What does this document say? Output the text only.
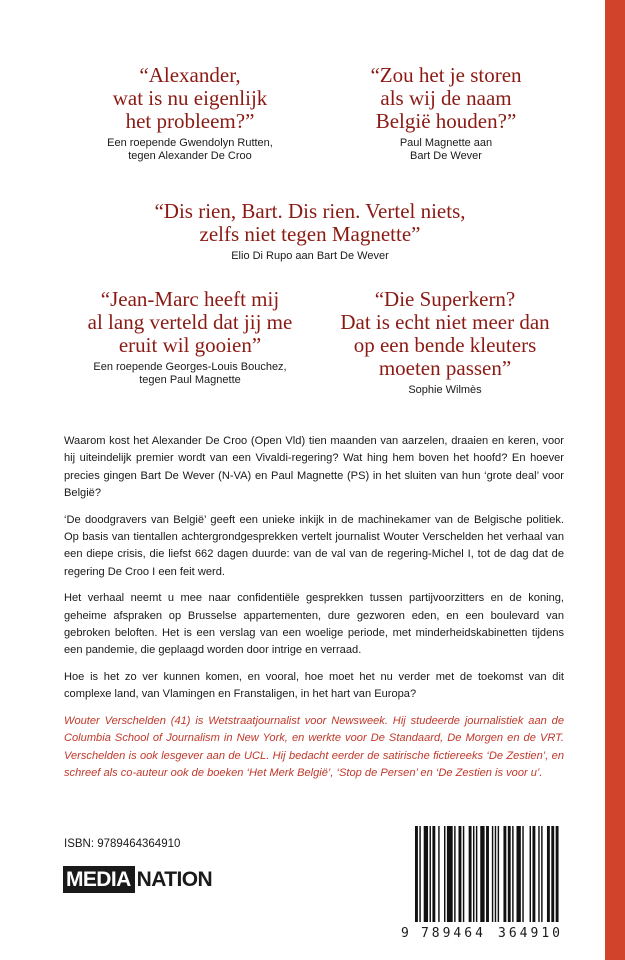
“Alexander,
wat is nu eigenlijk
het probleem?”
Een roepende Gwendolyn Rutten,
tegen Alexander De Croo
“Zou het je storen
als wij de naam
België houden?”
Paul Magnette aan
Bart De Wever
“Dis rien, Bart. Dis rien. Vertel niets,
zelfs niet tegen Magnette”
Elio Di Rupo aan Bart De Wever
“Jean-Marc heeft mij
al lang verteld dat jij me
eruit wil gooien”
Een roepende Georges-Louis Bouchez,
tegen Paul Magnette
“Die Superkern?
Dat is echt niet meer dan
op een bende kleuters
moeten passen”
Sophie Wilmès

Waarom kost het Alexander De Croo (Open Vld) tien maanden van aarzelen, draaien en keren, voor hij uiteindelijk premier wordt van een Vivaldi-regering? Wat hing hem boven het hoofd? En hoever precies gingen Bart De Wever (N-VA) en Paul Magnette (PS) in het sluiten van hun ‘grote deal’ voor België?

‘De doodgravers van België’ geeft een unieke inkijk in de machinekamer van de Belgische politiek. Op basis van tientallen achtergrondgesprekken vertelt journalist Wouter Verschelden het verhaal van een diepe crisis, die liefst 662 dagen duurde: van de val van de regering-Michel I, tot de dag dat de regering De Croo I een feit werd.

Het verhaal neemt u mee naar confidentiële gesprekken tussen partijvoorzitters en de koning, geheime afspraken op Brusselse appartementen, dure gezworen eden, en een boulevard van gebroken beloften. Het is een verslag van een woelige periode, met minderheidskabinetten tijdens een pandemie, die geplaagd worden door intrige en verraad.

Hoe is het zo ver kunnen komen, en vooral, hoe moet het nu verder met de toekomst van dit complexe land, van Vlamingen en Franstaligen, in het hart van Europa?

Wouter Verschelden (41) is Wetstraatjournalist voor Newsweek. Hij studeerde journalistiek aan de Columbia School of Journalism in New York, en werkte voor De Standaard, De Morgen en de VRT. Verschelden is ook lesgever aan de UCL. Hij bedacht eerder de satirische fictiereeks ‘De Zestien’, en schreef als co-auteur ook de boeken ‘Het Merk België’, ‘Stop de Persen’ en ‘De Zestien is voor u’.

ISBN: 9789464364910
MEDIA NATION
9 789464 364910
